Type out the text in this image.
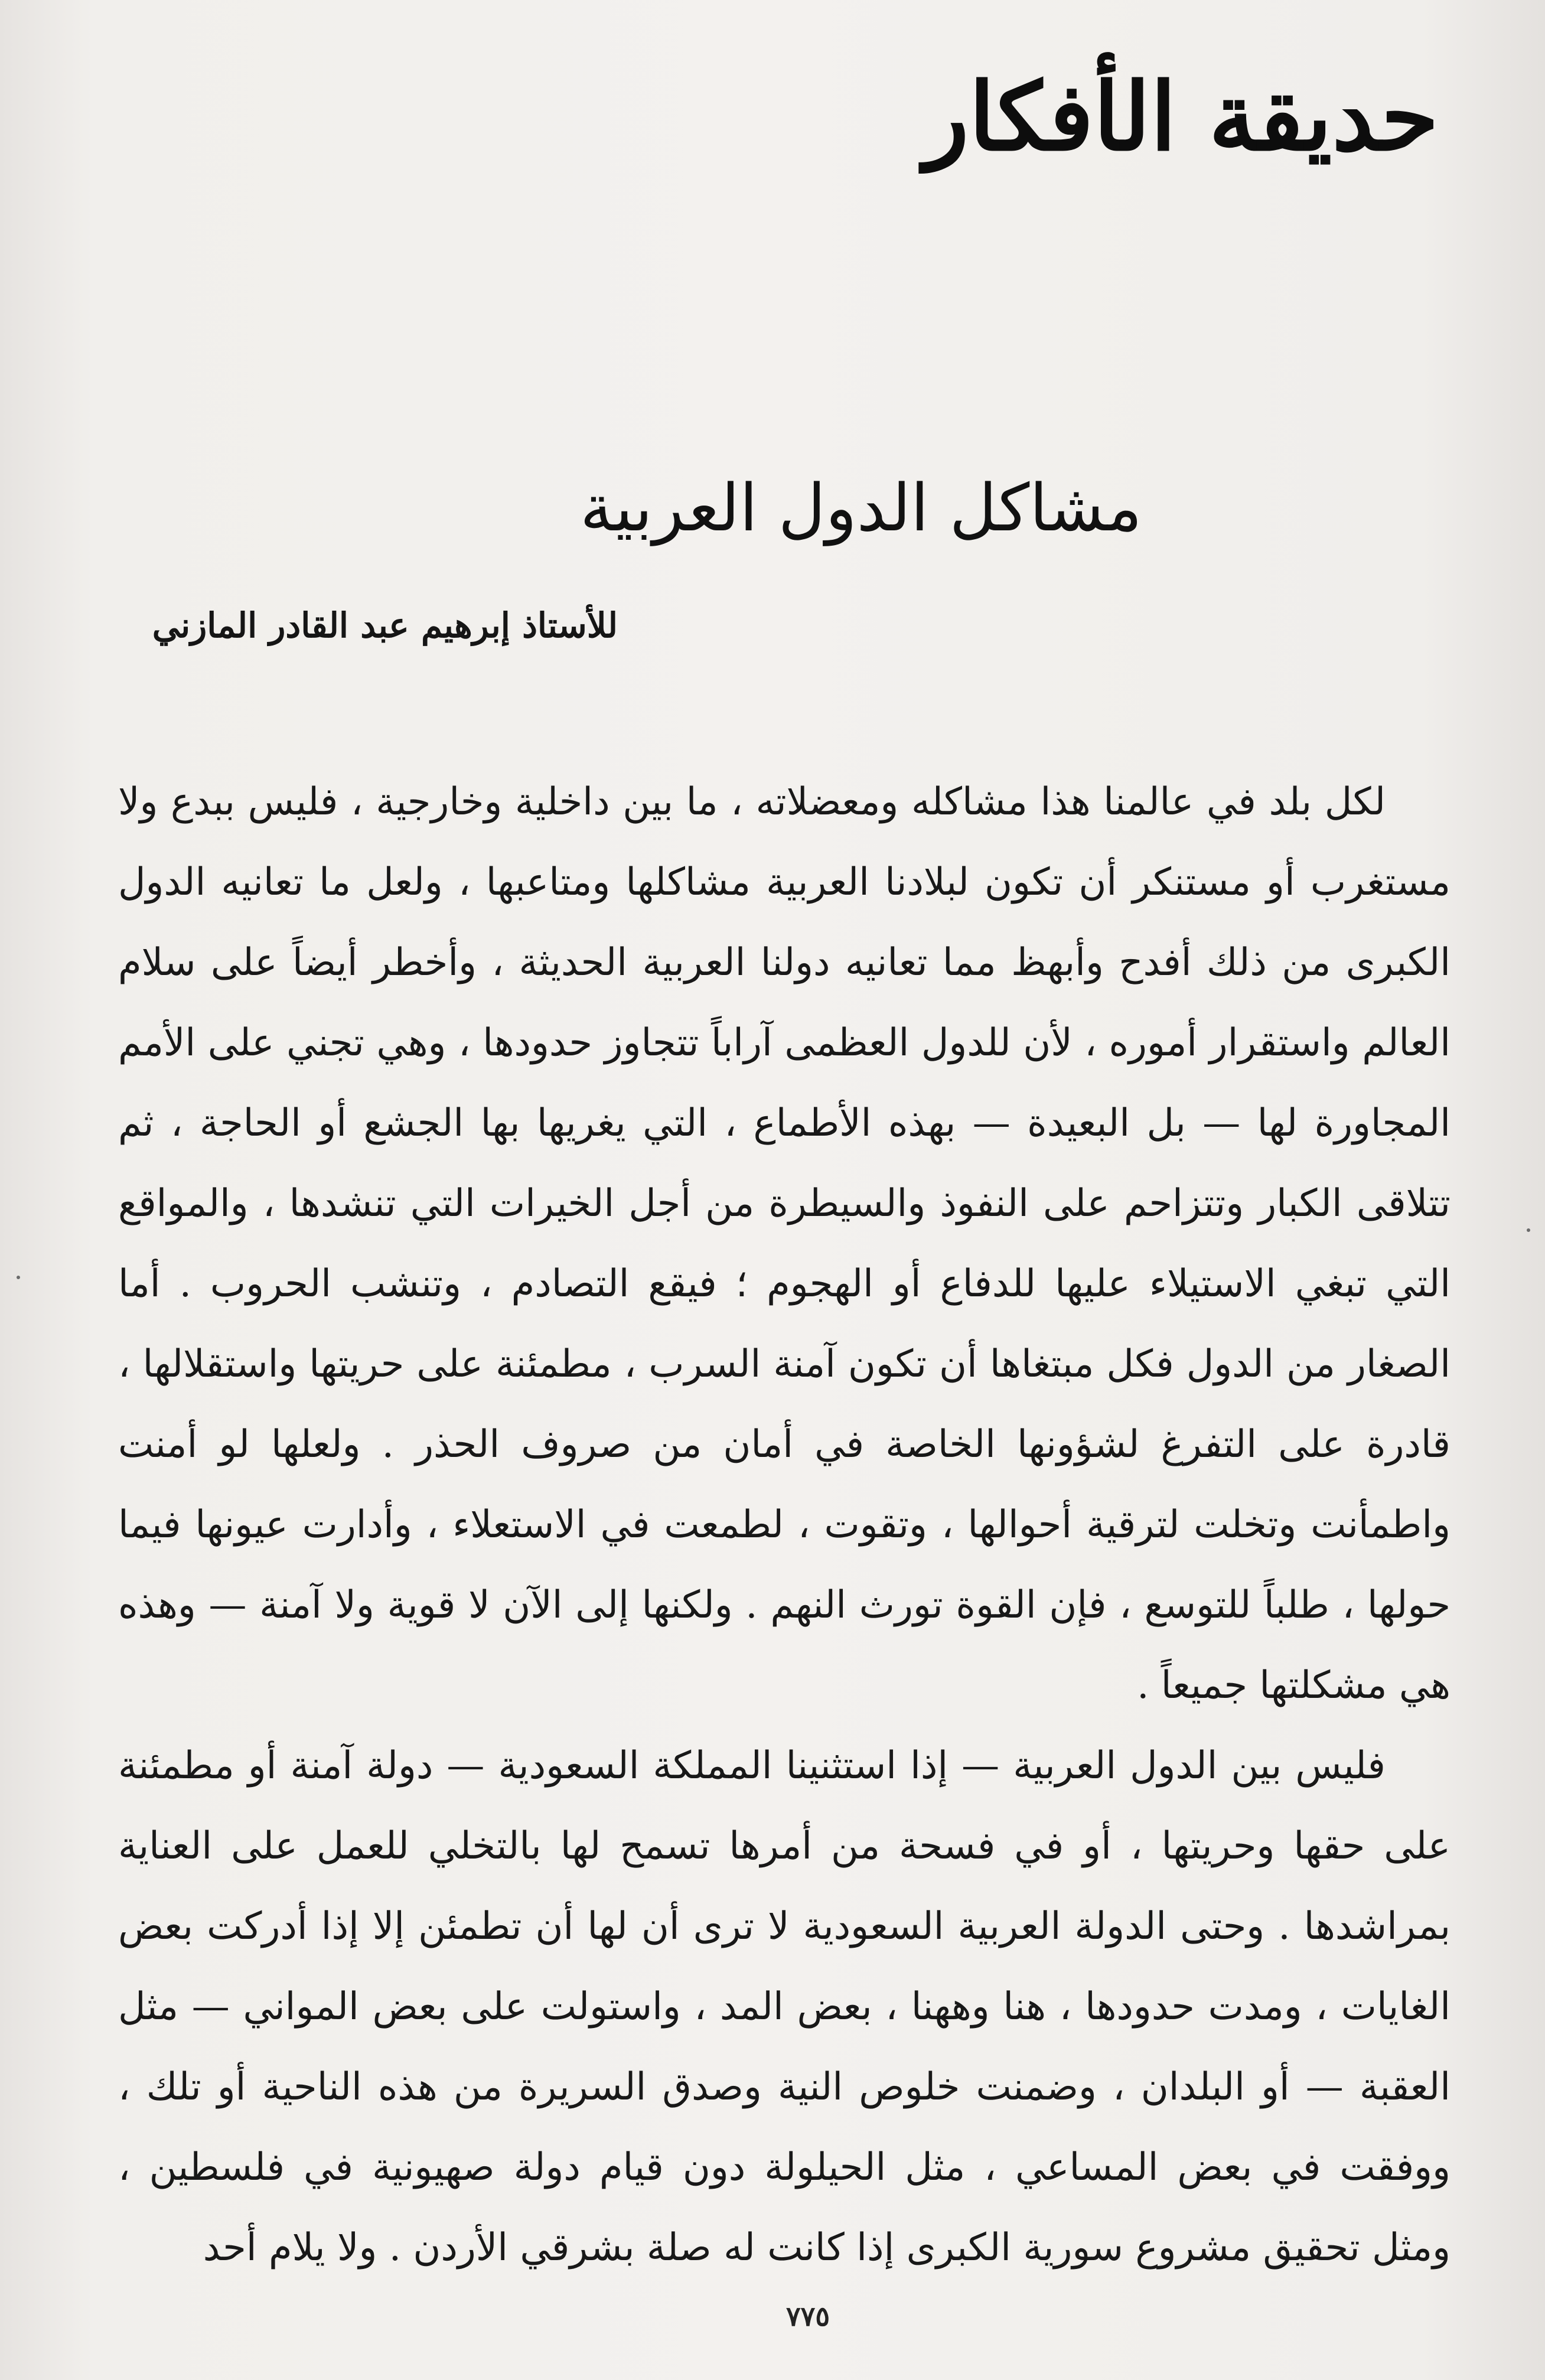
حديقة الأفكار
مشاكل الدول العربية
للأستاذ إبرهيم عبد القادر المازني

لكل بلد في عالمنا هذا مشاكله ومعضلاته ، ما بين داخلية وخارجية ، فليس ببدع ولا مستغرب أو مستنكر أن تكون لبلادنا العربية مشاكلها ومتاعبها ، ولعل ما تعانيه الدول الكبرى من ذلك أفدح وأبهظ مما تعانيه دولنا العربية الحديثة ، وأخطر أيضاً على سلام العالم واستقرار أموره ، لأن للدول العظمى آراباً تتجاوز حدودها ، وهي تجني على الأمم المجاورة لها — بل البعيدة — بهذه الأطماع ، التي يغريها بها الجشع أو الحاجة ، ثم تتلاقى الكبار وتتزاحم على النفوذ والسيطرة من أجل الخيرات التي تنشدها ، والمواقع التي تبغي الاستيلاء عليها للدفاع أو الهجوم ؛ فيقع التصادم ، وتنشب الحروب . أما الصغار من الدول فكل مبتغاها أن تكون آمنة السرب ، مطمئنة على حريتها واستقلالها ، قادرة على التفرغ لشؤونها الخاصة في أمان من صروف الحذر . ولعلها لو أمنت واطمأنت وتخلت لترقية أحوالها ، وتقوت ، لطمعت في الاستعلاء ، وأدارت عيونها فيما حولها ، طلباً للتوسع ، فإن القوة تورث النهم . ولكنها إلى الآن لا قوية ولا آمنة — وهذه هي مشكلتها جميعاً .

فليس بين الدول العربية — إذا استثنينا المملكة السعودية — دولة آمنة أو مطمئنة على حقها وحريتها ، أو في فسحة من أمرها تسمح لها بالتخلي للعمل على العناية بمراشدها . وحتى الدولة العربية السعودية لا ترى أن لها أن تطمئن إلا إذا أدركت بعض الغايات ، ومدت حدودها ، هنا وههنا ، بعض المد ، واستولت على بعض المواني — مثل العقبة — أو البلدان ، وضمنت خلوص النية وصدق السريرة من هذه الناحية أو تلك ، ووفقت في بعض المساعي ، مثل الحيلولة دون قيام دولة صهيونية في فلسطين ، ومثل تحقيق مشروع سورية الكبرى إذا كانت له صلة بشرقي الأردن . ولا يلام أحد

٧٧٥
